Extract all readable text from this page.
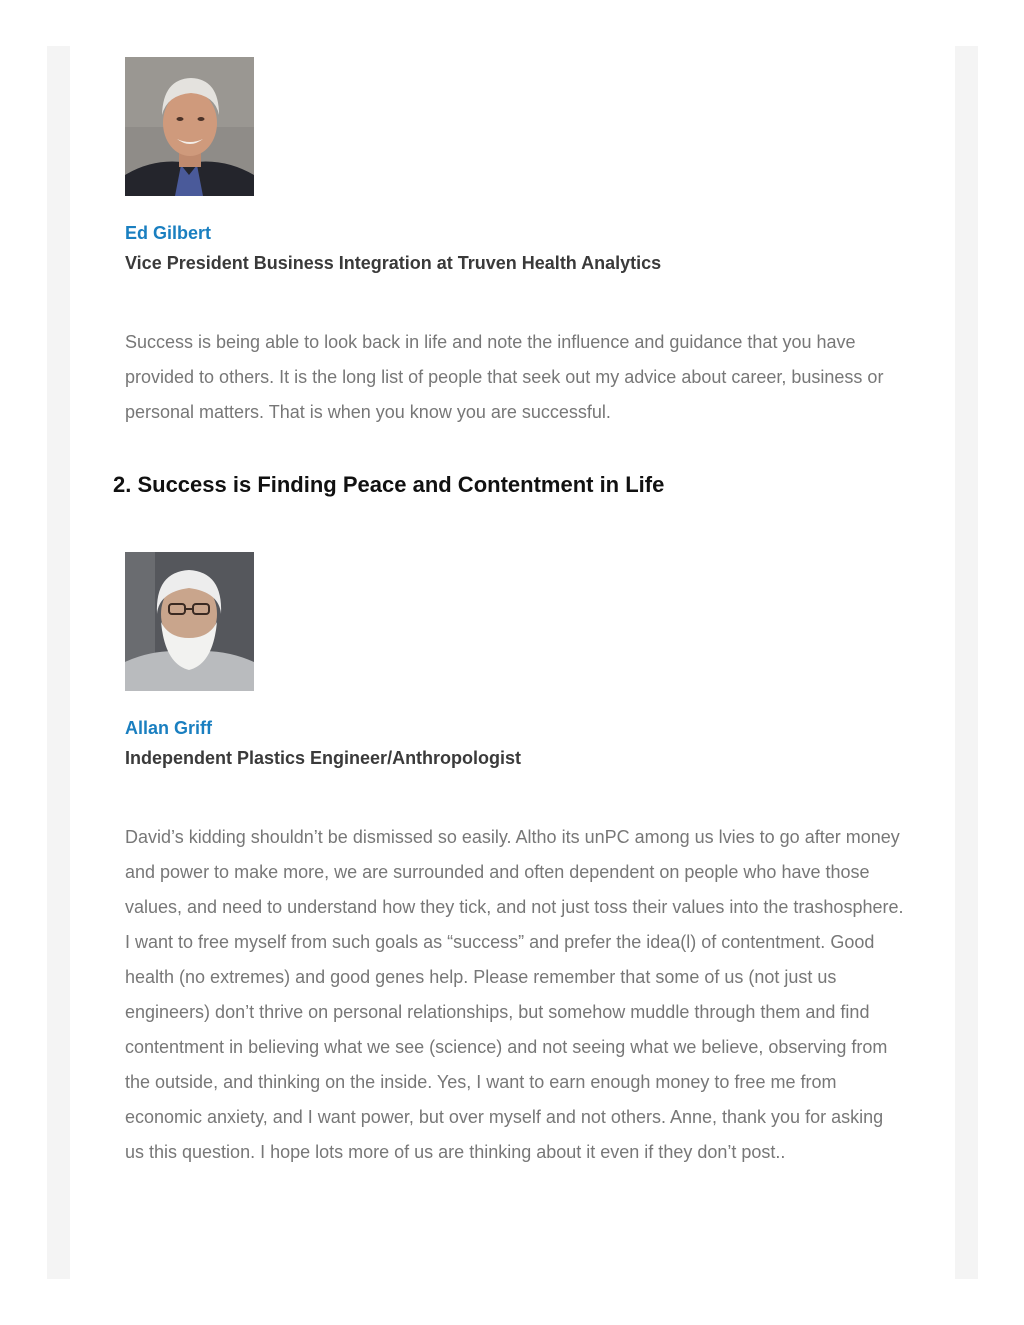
Ed Gilbert
Vice President Business Integration at Truven Health Analytics

Success is being able to look back in life and note the influence and guidance that you have provided to others. It is the long list of people that seek out my advice about career, business or personal matters. That is when you know you are successful.

2. Success is Finding Peace and Contentment in Life
Allan Griff
Independent Plastics Engineer/Anthropologist

David’s kidding shouldn’t be dismissed so easily. Altho its unPC among us lvies to go after money and power to make more, we are surrounded and often dependent on people who have those values, and need to understand how they tick, and not just toss their values into the trashosphere. I want to free myself from such goals as “success” and prefer the idea(l) of contentment. Good health (no extremes) and good genes help. Please remember that some of us (not just us engineers) don’t thrive on personal relationships, but somehow muddle through them and find contentment in believing what we see (science) and not seeing what we believe, observing from the outside, and thinking on the inside. Yes, I want to earn enough money to free me from economic anxiety, and I want power, but over myself and not others. Anne, thank you for asking us this question. I hope lots more of us are thinking about it even if they don’t post..
